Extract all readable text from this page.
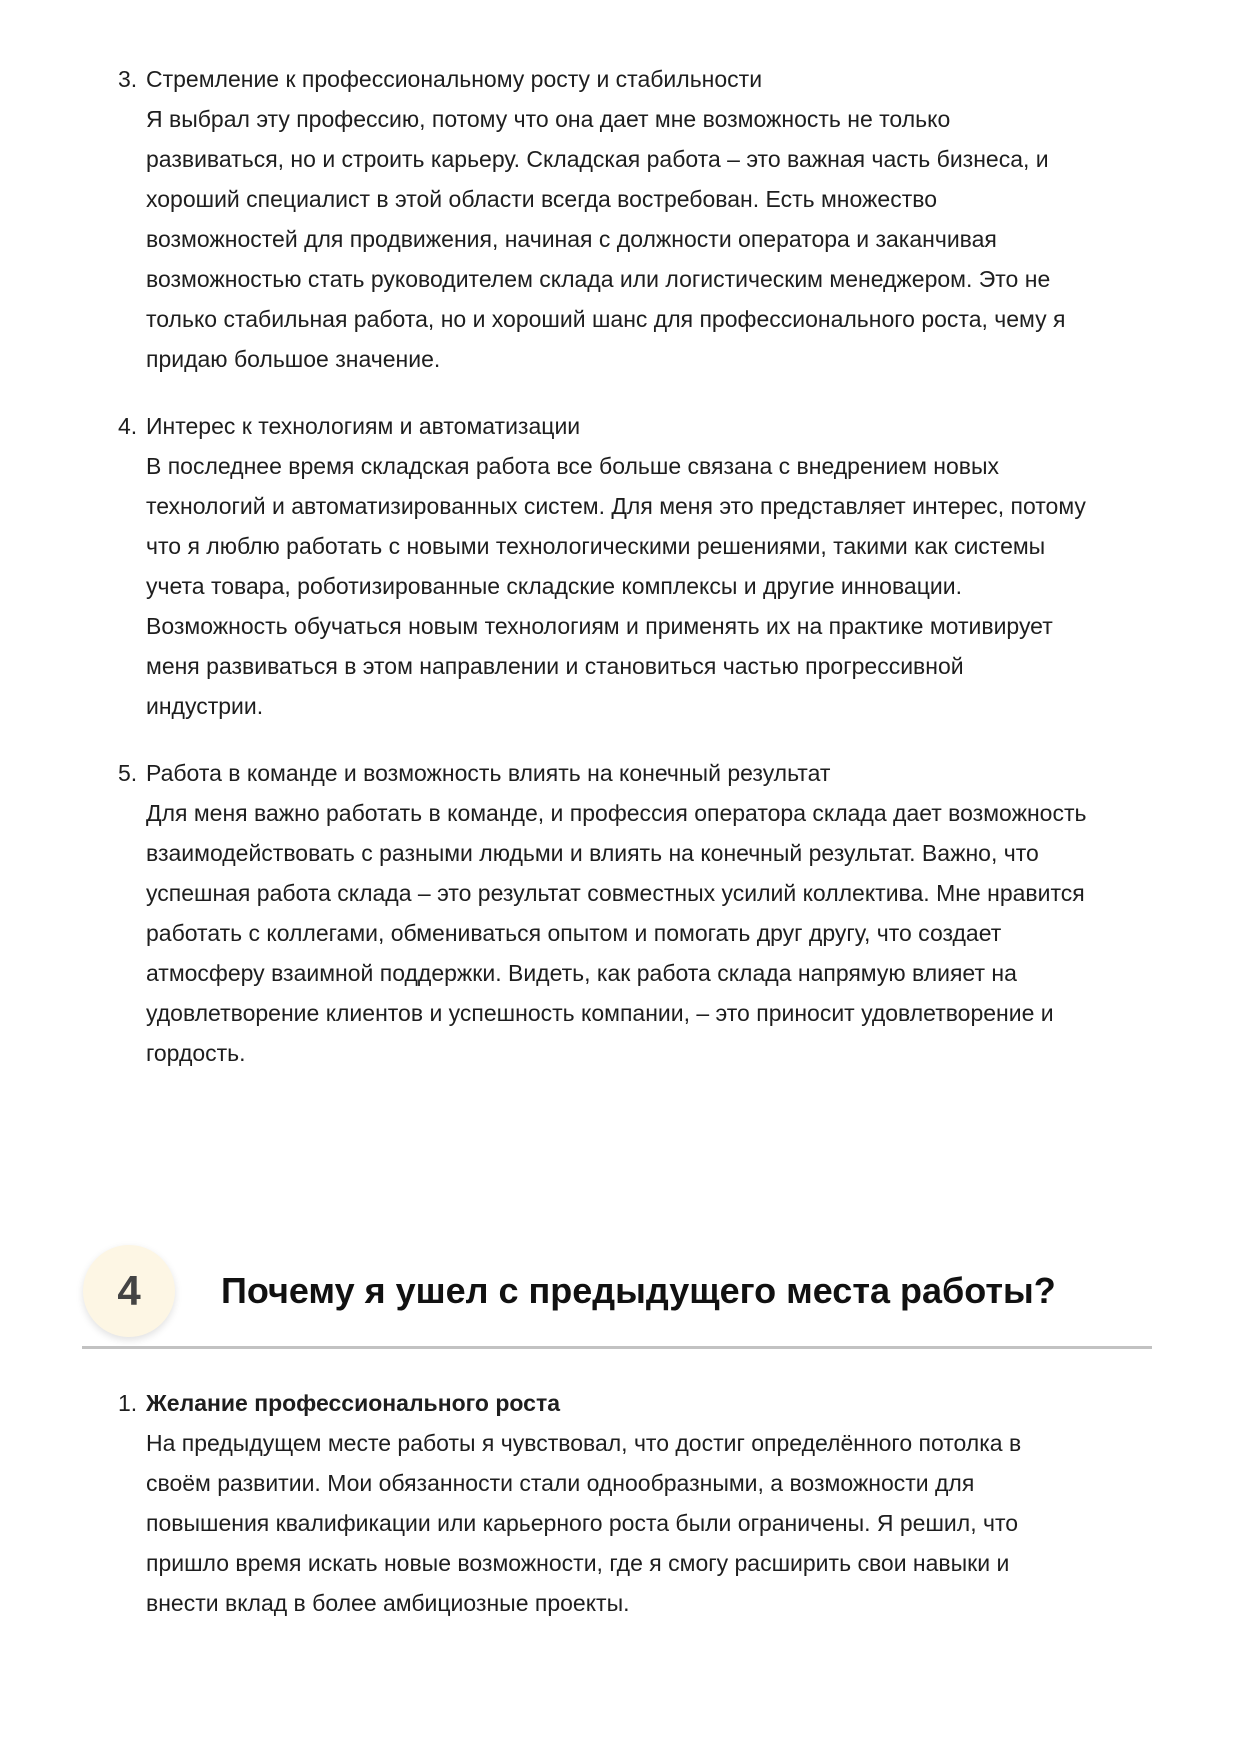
3. Стремление к профессиональному росту и стабильности
Я выбрал эту профессию, потому что она дает мне возможность не только
развиваться, но и строить карьеру. Складская работа – это важная часть бизнеса, и
хороший специалист в этой области всегда востребован. Есть множество
возможностей для продвижения, начиная с должности оператора и заканчивая
возможностью стать руководителем склада или логистическим менеджером. Это не
только стабильная работа, но и хороший шанс для профессионального роста, чему я
придаю большое значение.
4. Интерес к технологиям и автоматизации
В последнее время складская работа все больше связана с внедрением новых
технологий и автоматизированных систем. Для меня это представляет интерес, потому
что я люблю работать с новыми технологическими решениями, такими как системы
учета товара, роботизированные складские комплексы и другие инновации.
Возможность обучаться новым технологиям и применять их на практике мотивирует
меня развиваться в этом направлении и становиться частью прогрессивной
индустрии.
5. Работа в команде и возможность влиять на конечный результат
Для меня важно работать в команде, и профессия оператора склада дает возможность
взаимодействовать с разными людьми и влиять на конечный результат. Важно, что
успешная работа склада – это результат совместных усилий коллектива. Мне нравится
работать с коллегами, обмениваться опытом и помогать друг другу, что создает
атмосферу взаимной поддержки. Видеть, как работа склада напрямую влияет на
удовлетворение клиентов и успешность компании, – это приносит удовлетворение и
гордость.
4	Почему я ушел с предыдущего места работы?
1. Желание профессионального роста
На предыдущем месте работы я чувствовал, что достиг определённого потолка в
своём развитии. Мои обязанности стали однообразными, а возможности для
повышения квалификации или карьерного роста были ограничены. Я решил, что
пришло время искать новые возможности, где я смогу расширить свои навыки и
внести вклад в более амбициозные проекты.
